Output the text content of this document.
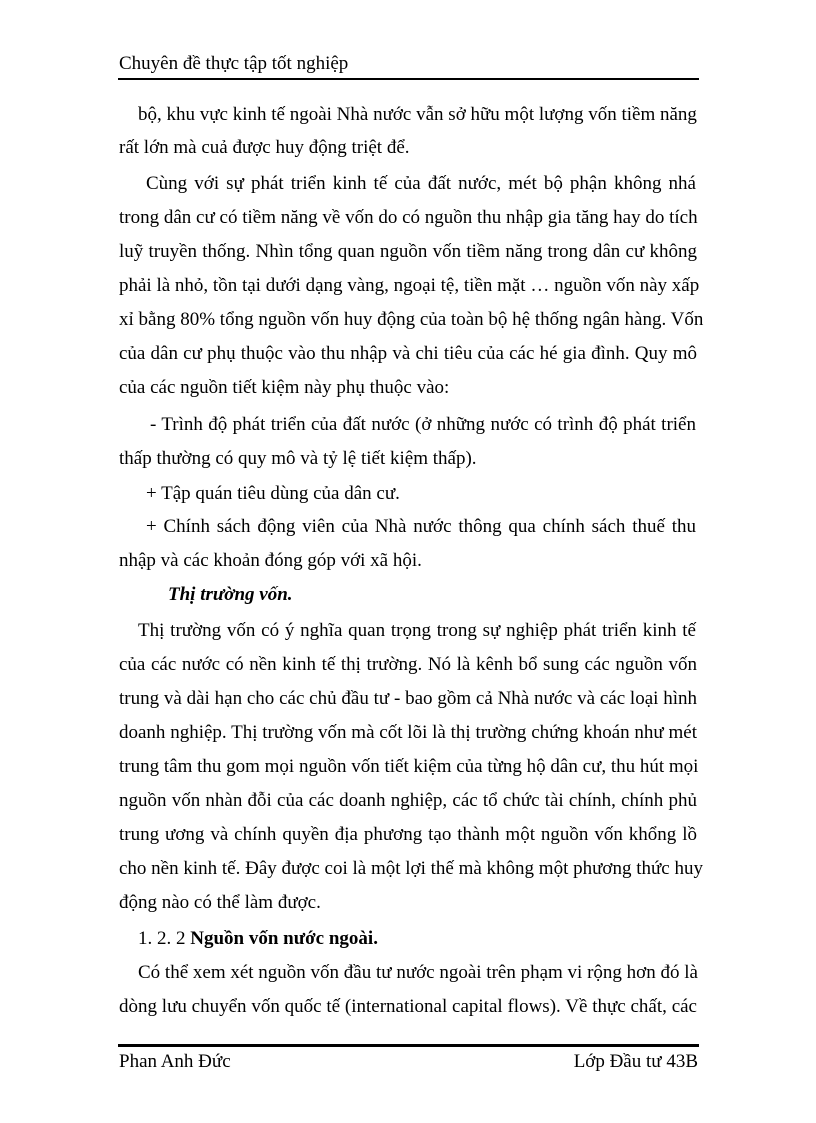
Chuyên đề thực tập tốt nghiệp
bộ, khu vực kinh tế ngoài Nhà nước vẫn sở hữu một lượng vốn tiềm năng
rất lớn mà cuả được huy động triệt để.
Cùng với sự phát triển kinh tế của đất nước, mét bộ phận không nhá
trong dân cư có tiềm năng về vốn do có nguồn thu nhập gia tăng hay do tích
luỹ truyền thống. Nhìn tổng quan nguồn vốn tiềm năng trong dân cư không
phải là nhỏ, tồn tại dưới dạng vàng, ngoại tệ, tiền mặt … nguồn vốn này xấp
xỉ bằng 80% tổng nguồn vốn huy động của toàn bộ hệ thống ngân hàng. Vốn
của dân cư phụ thuộc vào thu nhập và chi tiêu của các hé gia đình. Quy mô
của các nguồn tiết kiệm này phụ thuộc vào:
- Trình độ phát triển của đất nước (ở những nước có trình độ phát triển
thấp thường có quy mô và tỷ lệ tiết kiệm thấp).
+ Tập quán tiêu dùng của dân cư.
+ Chính sách động viên của Nhà nước thông qua chính sách thuế thu
nhập và các khoản đóng góp với xã hội.
Thị trường vốn.
Thị trường vốn có ý nghĩa quan trọng trong sự nghiệp phát triển kinh tế
của các nước có nền kinh tế thị trường. Nó là kênh bổ sung các nguồn vốn
trung và dài hạn cho các chủ đầu tư - bao gồm cả Nhà nước và các loại hình
doanh nghiệp. Thị trường vốn mà cốt lõi là thị trường chứng khoán như mét
trung tâm thu gom mọi nguồn vốn tiết kiệm của từng hộ dân cư, thu hút mọi
nguồn vốn nhàn đỗi của các doanh nghiệp, các tổ chức tài chính, chính phủ
trung ương và chính quyền địa phương tạo thành một nguồn vốn khổng lồ
cho nền kinh tế. Đây được coi là một lợi thế mà không một phương thức huy
động nào có thể làm được.
1. 2. 2 Nguồn vốn nước ngoài.
Có thể xem xét nguồn vốn đầu tư nước ngoài trên phạm vi rộng hơn đó là
dòng lưu chuyển vốn quốc tế (international capital flows). Về thực chất, các
Phan Anh Đức	Lớp Đầu tư 43B
